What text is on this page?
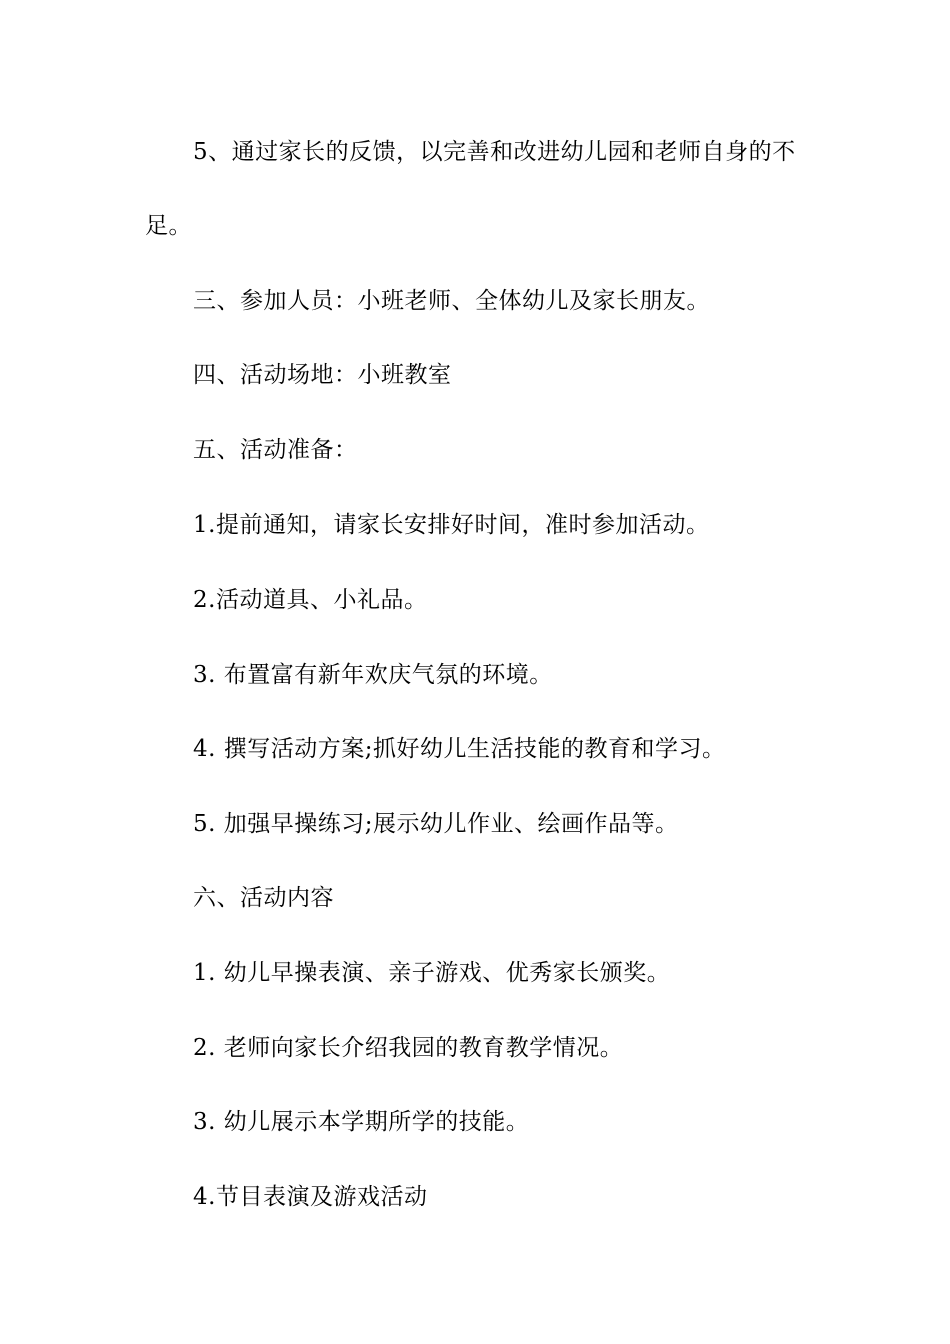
5、通过家长的反馈，以完善和改进幼儿园和老师自身的不
足。
三、参加人员：小班老师、全体幼儿及家长朋友。
四、活动场地：小班教室
五、活动准备：
1.提前通知，请家长安排好时间，准时参加活动。
2.活动道具、小礼品。
3. 布置富有新年欢庆气氛的环境。
4. 撰写活动方案;抓好幼儿生活技能的教育和学习。
5. 加强早操练习;展示幼儿作业、绘画作品等。
六、活动内容
1. 幼儿早操表演、亲子游戏、优秀家长颁奖。
2. 老师向家长介绍我园的教育教学情况。
3. 幼儿展示本学期所学的技能。
4.节目表演及游戏活动
